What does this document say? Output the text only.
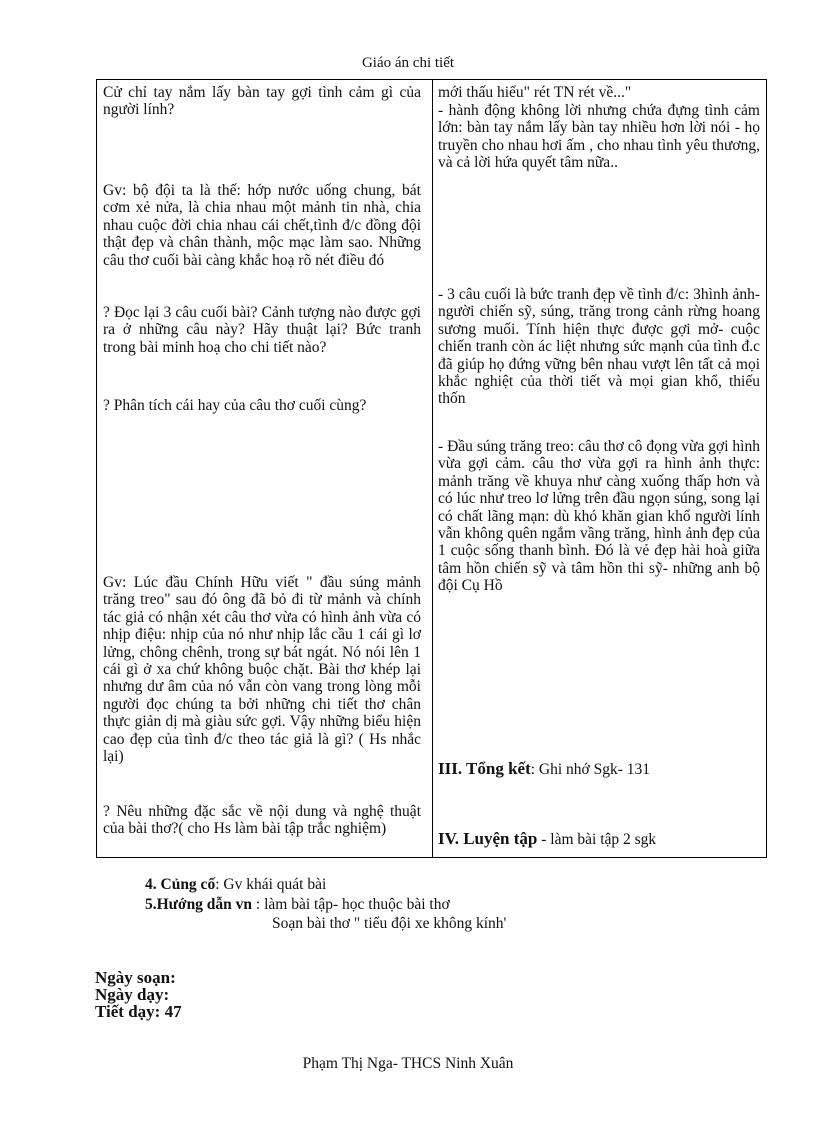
Giáo án chi tiết

Cử chỉ tay nắm lấy bàn tay gợi tình cảm gì của người lính?

Gv: bộ đội ta là thế: hớp nước uống chung, bát cơm xẻ nửa, là chia nhau một mảnh tin nhà, chia nhau cuộc đời chia nhau cái chết,tình đ/c đồng đội thật đẹp và chân thành, mộc mạc làm sao. Những câu thơ cuối bài càng khắc hoạ rõ nét điều đó

? Đọc lại 3 câu cuối bài? Cảnh tượng nào được gợi ra ở những câu này? Hãy thuật lại? Bức tranh trong bài minh hoạ cho chi tiết nào?

? Phân tích cái hay của câu thơ cuối cùng?

Gv: Lúc đầu Chính Hữu viết " đầu súng mảnh trăng treo" sau đó ông đã bỏ đi từ mảnh và chính tác giả có nhận xét câu thơ vừa có hình ảnh vừa có nhịp điệu: nhịp của nó như nhịp lắc cầu 1 cái gì lơ lửng, chông chênh, trong sự bát ngát. Nó nói lên 1 cái gì ở xa chứ không buộc chặt. Bài thơ khép lại nhưng dư âm của nó vẫn còn vang trong lòng mỗi người đọc chúng ta bởi những chi tiết thơ chân thực giản dị mà giàu sức gợi. Vậy những biểu hiện cao đẹp của tình đ/c theo tác giả là gì? ( Hs nhắc lại)

? Nêu những đặc sắc về nội dung và nghệ thuật của bài thơ?( cho Hs làm bài tập trắc nghiệm)

mới thấu hiểu" rét TN rét về..."

- hành động không lời nhưng chứa đựng tình cảm lớn: bàn tay nắm lấy bàn tay nhiều hơn lời nói - họ truyền cho nhau hơi ấm , cho nhau tình yêu thương, và cả lời hứa quyết tâm nữa..

- 3 câu cuối là bức tranh đẹp về tình đ/c: 3hình ảnh- người chiến sỹ, súng, trăng trong cảnh rừng hoang sương muối. Tính hiện thực được gợi mở- cuộc chiến tranh còn ác liệt nhưng sức mạnh của tình đ.c đã giúp họ đứng vững bên nhau vượt lên tất cả mọi khắc nghiệt của thời tiết và mọi gian khổ, thiếu thốn

- Đầu súng trăng treo: câu thơ cô đọng vừa gợi hình vừa gợi cảm. câu thơ vừa gợi ra hình ảnh thực: mảnh trăng về khuya như càng xuống thấp hơn và có lúc như treo lơ lửng trên đầu ngọn súng, song lại có chất lãng mạn: dù khó khăn gian khổ người lính vẫn không quên ngắm vầng trăng, hình ảnh đẹp của 1 cuộc sống thanh bình. Đó là vẻ đẹp hài hoà giữa tâm hồn chiến sỹ và tâm hồn thi sỹ- những anh bộ đội Cụ Hồ

III. Tổng kết: Ghi nhớ Sgk- 131

IV. Luyện tập - làm bài tập 2 sgk

4. Củng cố: Gv khái quát bài
5.Hướng dẫn vn : làm bài tập- học thuộc bài thơ
Soạn bài thơ " tiểu đội xe không kính'
Ngày soạn:
Ngày dạy:
Tiết dạy: 47
Phạm Thị Nga- THCS Ninh Xuân
